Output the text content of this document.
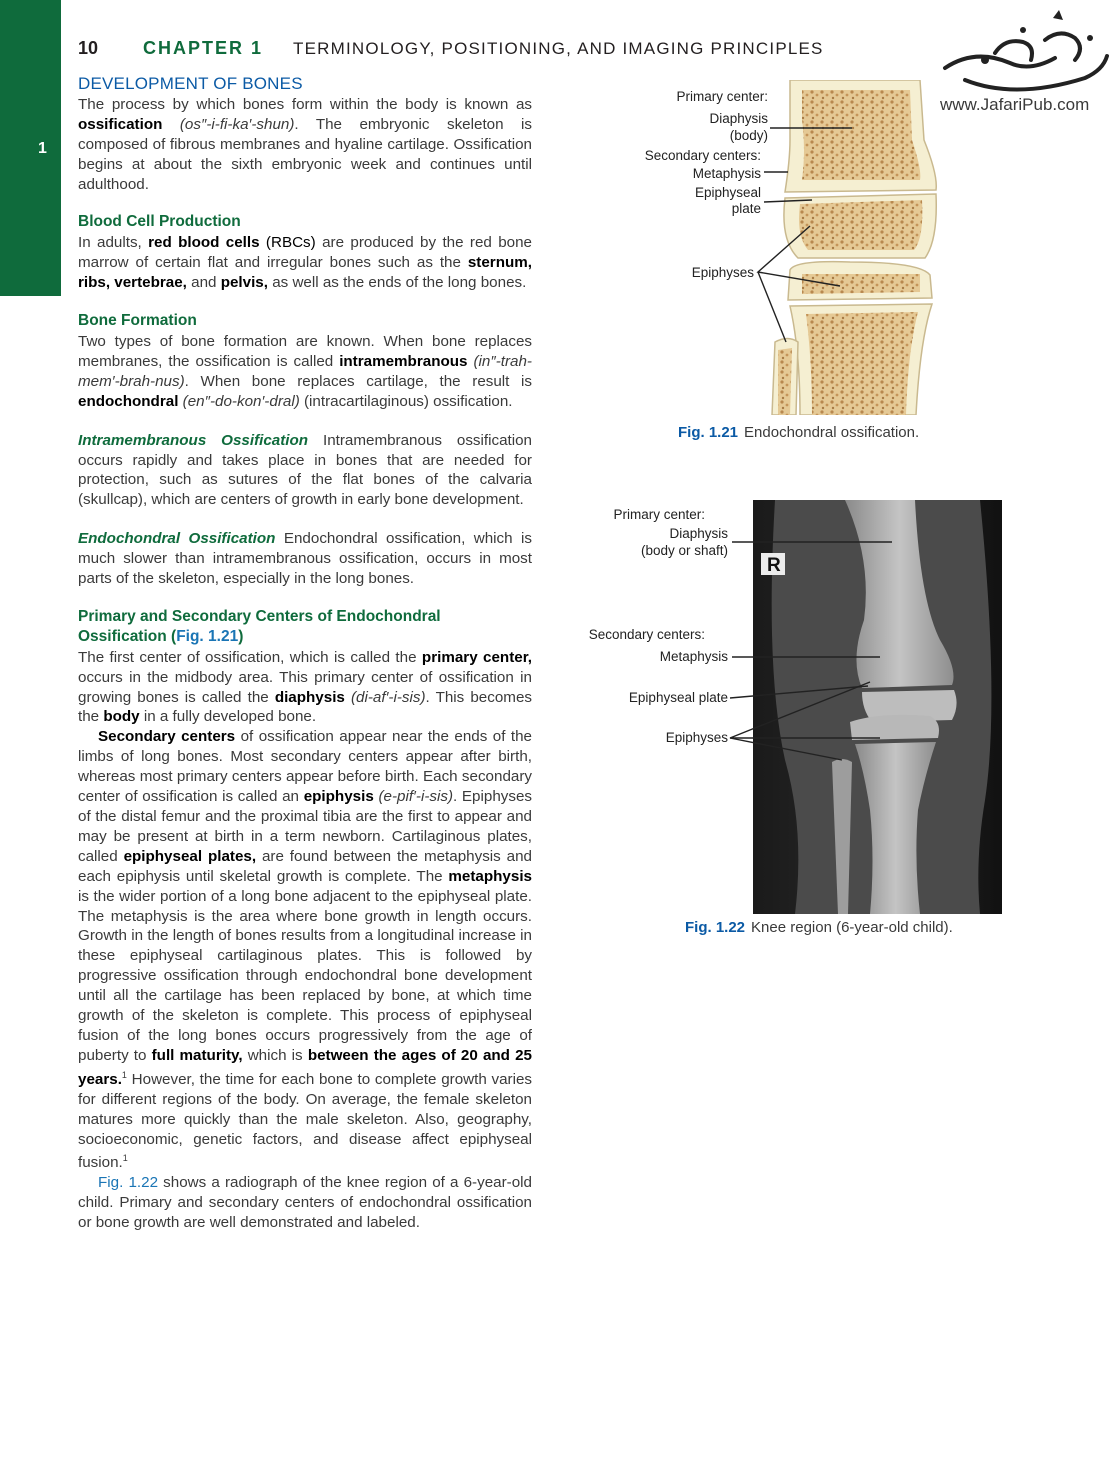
1
10	CHAPTER 1 TERMINOLOGY, POSITIONING, AND IMAGING PRINCIPLES
www.JafariPub.com
DEVELOPMENT OF BONES

The process by which bones form within the body is known as ossification (os″-i-fi-ka′-shun). The embryonic skeleton is composed of fibrous membranes and hyaline cartilage. Ossification begins at about the sixth embryonic week and continues until adulthood.

Blood Cell Production

In adults, red blood cells (RBCs) are produced by the red bone marrow of certain flat and irregular bones such as the sternum, ribs, vertebrae, and pelvis, as well as the ends of the long bones.

Bone Formation

Two types of bone formation are known. When bone replaces membranes, the ossification is called intramembranous (in″-trah-mem′-brah-nus). When bone replaces cartilage, the result is endochondral (en″-do-kon′-dral) (intracartilaginous) ossification.

Intramembranous Ossification Intramembranous ossification occurs rapidly and takes place in bones that are needed for protection, such as sutures of the flat bones of the calvaria (skullcap), which are centers of growth in early bone development.

Endochondral Ossification Endochondral ossification, which is much slower than intramembranous ossification, occurs in most parts of the skeleton, especially in the long bones.

Primary and Secondary Centers of Endochondral Ossification (Fig. 1.21)

The first center of ossification, which is called the primary center, occurs in the midbody area. This primary center of ossification in growing bones is called the diaphysis (di-af′-i-sis). This becomes the body in a fully developed bone.

Secondary centers of ossification appear near the ends of the limbs of long bones. Most secondary centers appear after birth, whereas most primary centers appear before birth. Each secondary center of ossification is called an epiphysis (e-pif′-i-sis). Epiphyses of the distal femur and the proximal tibia are the first to appear and may be present at birth in a term newborn. Cartilaginous plates, called epiphyseal plates, are found between the metaphysis and each epiphysis until skeletal growth is complete. The metaphysis is the wider portion of a long bone adjacent to the epiphyseal plate. The metaphysis is the area where bone growth in length occurs. Growth in the length of bones results from a longitudinal increase in these epiphyseal cartilaginous plates. This is followed by progressive ossification through endochondral bone development until all the cartilage has been replaced by bone, at which time growth of the skeleton is complete. This process of epiphyseal fusion of the long bones occurs progressively from the age of puberty to full maturity, which is between the ages of 20 and 25 years.$^1$ However, the time for each bone to complete growth varies for different regions of the body. On average, the female skeleton matures more quickly than the male skeleton. Also, geography, socioeconomic, genetic factors, and disease affect epiphyseal fusion.$^1$

Fig. 1.22 shows a radiograph of the knee region of a 6-year-old child. Primary and secondary centers of endochondral ossification or bone growth are well demonstrated and labeled.

Primary center:
Diaphysis
(body)
Secondary centers:
Metaphysis
Epiphyseal
plate
Epiphyses
Fig. 1.21 Endochondral ossification.
R
Primary center:
Diaphysis
(body or shaft)
Secondary centers:
Metaphysis
Epiphyseal plate
Epiphyses
Fig. 1.22 Knee region (6-year-old child).
